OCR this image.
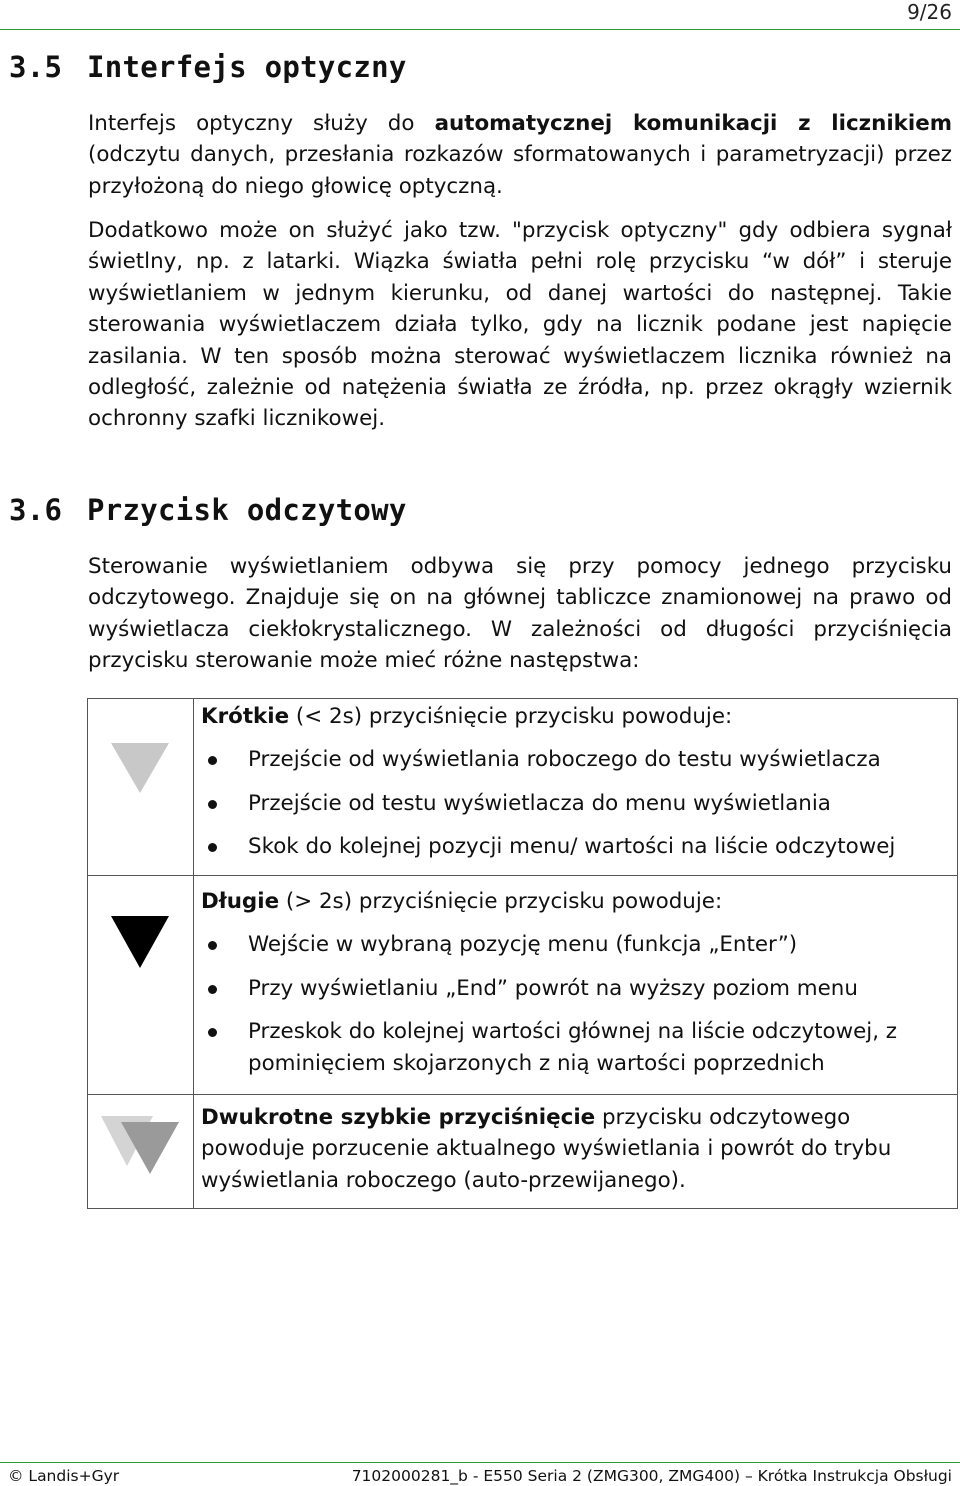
9/26
3.5 Interfejs optyczny

Interfejs optyczny służy do automatycznej komunikacji z licznikiem (odczytu danych, przesłania rozkazów sformatowanych i parametryzacji) przez przyłożoną do niego głowicę optyczną.

Dodatkowo może on służyć jako tzw. "przycisk optyczny" gdy odbiera sygnał świetlny, np. z latarki. Wiązka światła pełni rolę przycisku “w dół” i steruje wyświetlaniem w jednym kierunku, od danej wartości do następnej. Takie sterowania wyświetlaczem działa tylko, gdy na licznik podane jest napięcie zasilania. W ten sposób można sterować wyświetlaczem licznika również na odległość, zależnie od natężenia światła ze źródła, np. przez okrągły wziernik ochronny szafki licznikowej.

3.6 Przycisk odczytowy

Sterowanie wyświetlaniem odbywa się przy pomocy jednego przycisku odczytowego. Znajduje się on na głównej tabliczce znamionowej na prawo od wyświetlacza ciekłokrystalicznego. W zależności od długości przyciśnięcia przycisku sterowanie może mieć różne następstwa:

Krótkie (< 2s) przyciśnięcie przycisku powoduje:
Przejście od wyświetlania roboczego do testu wyświetlacza
Przejście od testu wyświetlacza do menu wyświetlania
Skok do kolejnej pozycji menu/ wartości na liście odczytowej
Długie (> 2s) przyciśnięcie przycisku powoduje:
Wejście w wybraną pozycję menu (funkcja „Enter”)
Przy wyświetlaniu „End” powrót na wyższy poziom menu
Przeskok do kolejnej wartości głównej na liście odczytowej, z pominięciem skojarzonych z nią wartości poprzednich
Dwukrotne szybkie przyciśnięcie przycisku odczytowego powoduje porzucenie aktualnego wyświetlania i powrót do trybu wyświetlania roboczego (auto-przewijanego).
© Landis+Gyr	7102000281_b - E550 Seria 2 (ZMG300, ZMG400) – Krótka Instrukcja Obsługi
